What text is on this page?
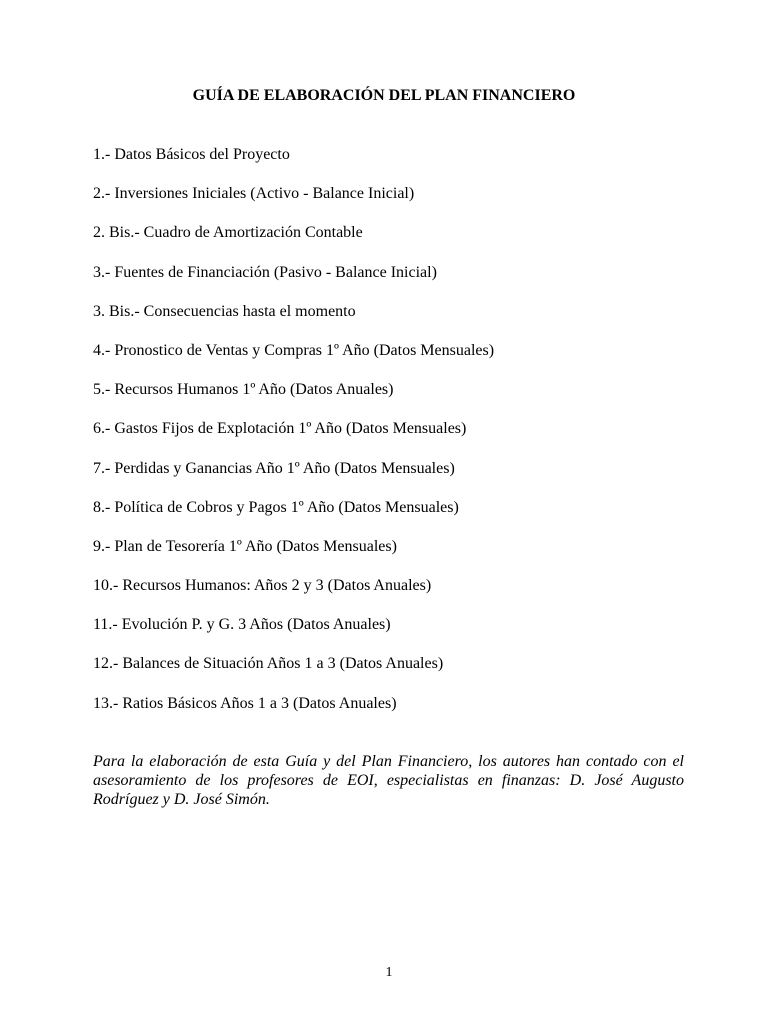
GUÍA DE ELABORACIÓN DEL PLAN FINANCIERO
1.- Datos Básicos del Proyecto
2.- Inversiones Iniciales (Activo - Balance Inicial)
2. Bis.- Cuadro de Amortización Contable
3.- Fuentes de Financiación (Pasivo - Balance Inicial)
3. Bis.- Consecuencias hasta el momento
4.- Pronostico de Ventas y Compras 1º Año (Datos Mensuales)
5.- Recursos Humanos 1º Año (Datos Anuales)
6.- Gastos Fijos de Explotación 1º Año (Datos Mensuales)
7.- Perdidas y Ganancias Año 1º Año (Datos Mensuales)
8.- Política de Cobros y Pagos 1º Año (Datos Mensuales)
9.- Plan de Tesorería 1º Año (Datos Mensuales)
10.- Recursos Humanos: Años 2 y 3 (Datos Anuales)
11.- Evolución P. y G. 3 Años (Datos Anuales)
12.- Balances de Situación Años 1 a 3 (Datos Anuales)
13.- Ratios Básicos Años 1 a 3 (Datos Anuales)

Para la elaboración de esta Guía y del Plan Financiero, los autores han contado con el asesoramiento de los profesores de EOI, especialistas en finanzas: D. José Augusto Rodríguez y D. José Simón.

1
